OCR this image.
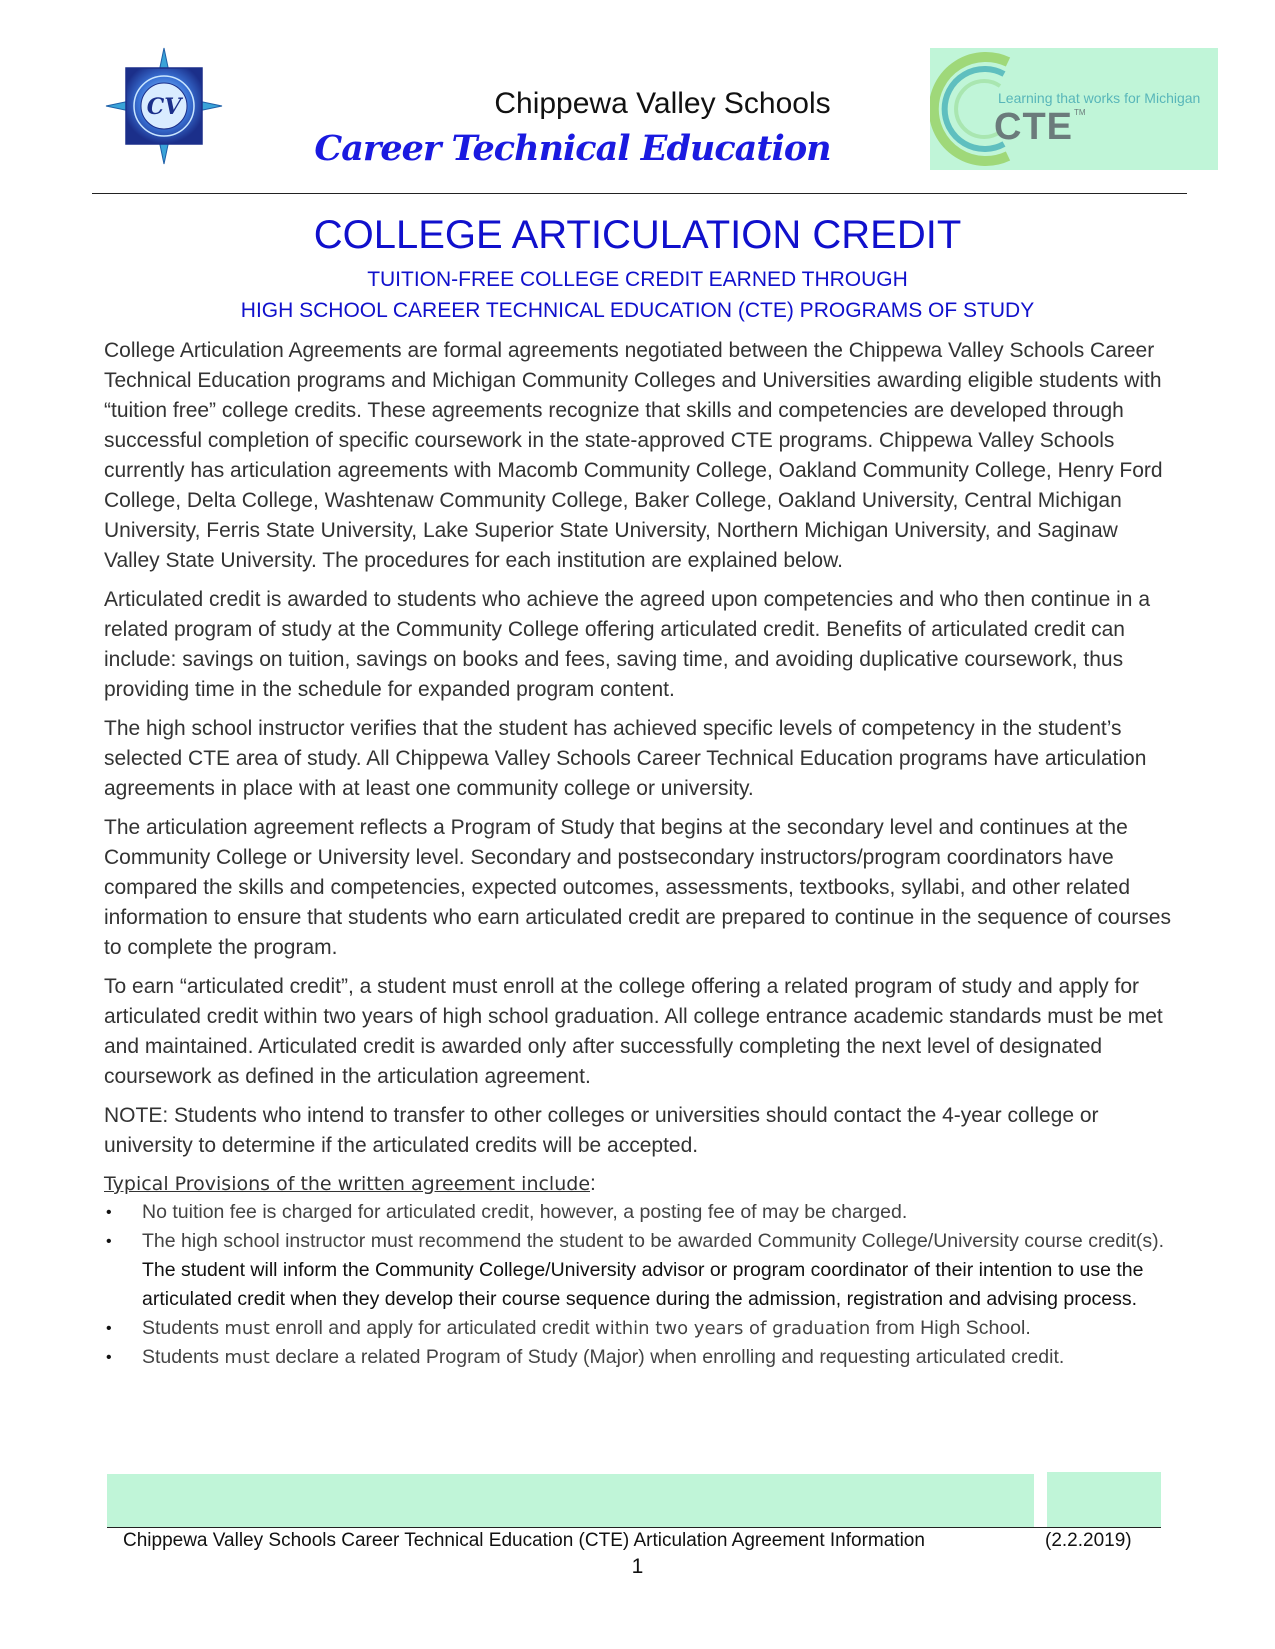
CV	Chippewa Valley Schools
Career Technical Education
Learning that works for Michigan
CTE TM
COLLEGE ARTICULATION CREDIT
TUITION-FREE COLLEGE CREDIT EARNED THROUGH
HIGH SCHOOL CAREER TECHNICAL EDUCATION (CTE) PROGRAMS OF STUDY

College Articulation Agreements are formal agreements negotiated between the Chippewa Valley Schools Career Technical Education programs and Michigan Community Colleges and Universities awarding eligible students with “tuition free” college credits. These agreements recognize that skills and competencies are developed through successful completion of specific coursework in the state-approved CTE programs. Chippewa Valley Schools currently has articulation agreements with Macomb Community College, Oakland Community College, Henry Ford College, Delta College, Washtenaw Community College, Baker College, Oakland University, Central Michigan University, Ferris State University, Lake Superior State University, Northern Michigan University, and Saginaw Valley State University. The procedures for each institution are explained below.

Articulated credit is awarded to students who achieve the agreed upon competencies and who then continue in a related program of study at the Community College offering articulated credit. Benefits of articulated credit can include: savings on tuition, savings on books and fees, saving time, and avoiding duplicative coursework, thus providing time in the schedule for expanded program content.

The high school instructor verifies that the student has achieved specific levels of competency in the student’s selected CTE area of study. All Chippewa Valley Schools Career Technical Education programs have articulation agreements in place with at least one community college or university.

The articulation agreement reflects a Program of Study that begins at the secondary level and continues at the Community College or University level. Secondary and postsecondary instructors/program coordinators have compared the skills and competencies, expected outcomes, assessments, textbooks, syllabi, and other related information to ensure that students who earn articulated credit are prepared to continue in the sequence of courses to complete the program.

To earn “articulated credit”, a student must enroll at the college offering a related program of study and apply for articulated credit within two years of high school graduation. All college entrance academic standards must be met and maintained. Articulated credit is awarded only after successfully completing the next level of designated coursework as defined in the articulation agreement.

NOTE: Students who intend to transfer to other colleges or universities should contact the 4-year college or university to determine if the articulated credits will be accepted.

Typical Provisions of the written agreement include:

• No tuition fee is charged for articulated credit, however, a posting fee of may be charged.
• The high school instructor must recommend the student to be awarded Community College/University course credit(s). The student will inform the Community College/University advisor or program coordinator of their intention to use the articulated credit when they develop their course sequence during the admission, registration and advising process.
• Students must enroll and apply for articulated credit within two years of graduation from High School.
• Students must declare a related Program of Study (Major) when enrolling and requesting articulated credit.
Chippewa Valley Schools Career Technical Education (CTE) Articulation Agreement Information	(2.2.2019)
1
